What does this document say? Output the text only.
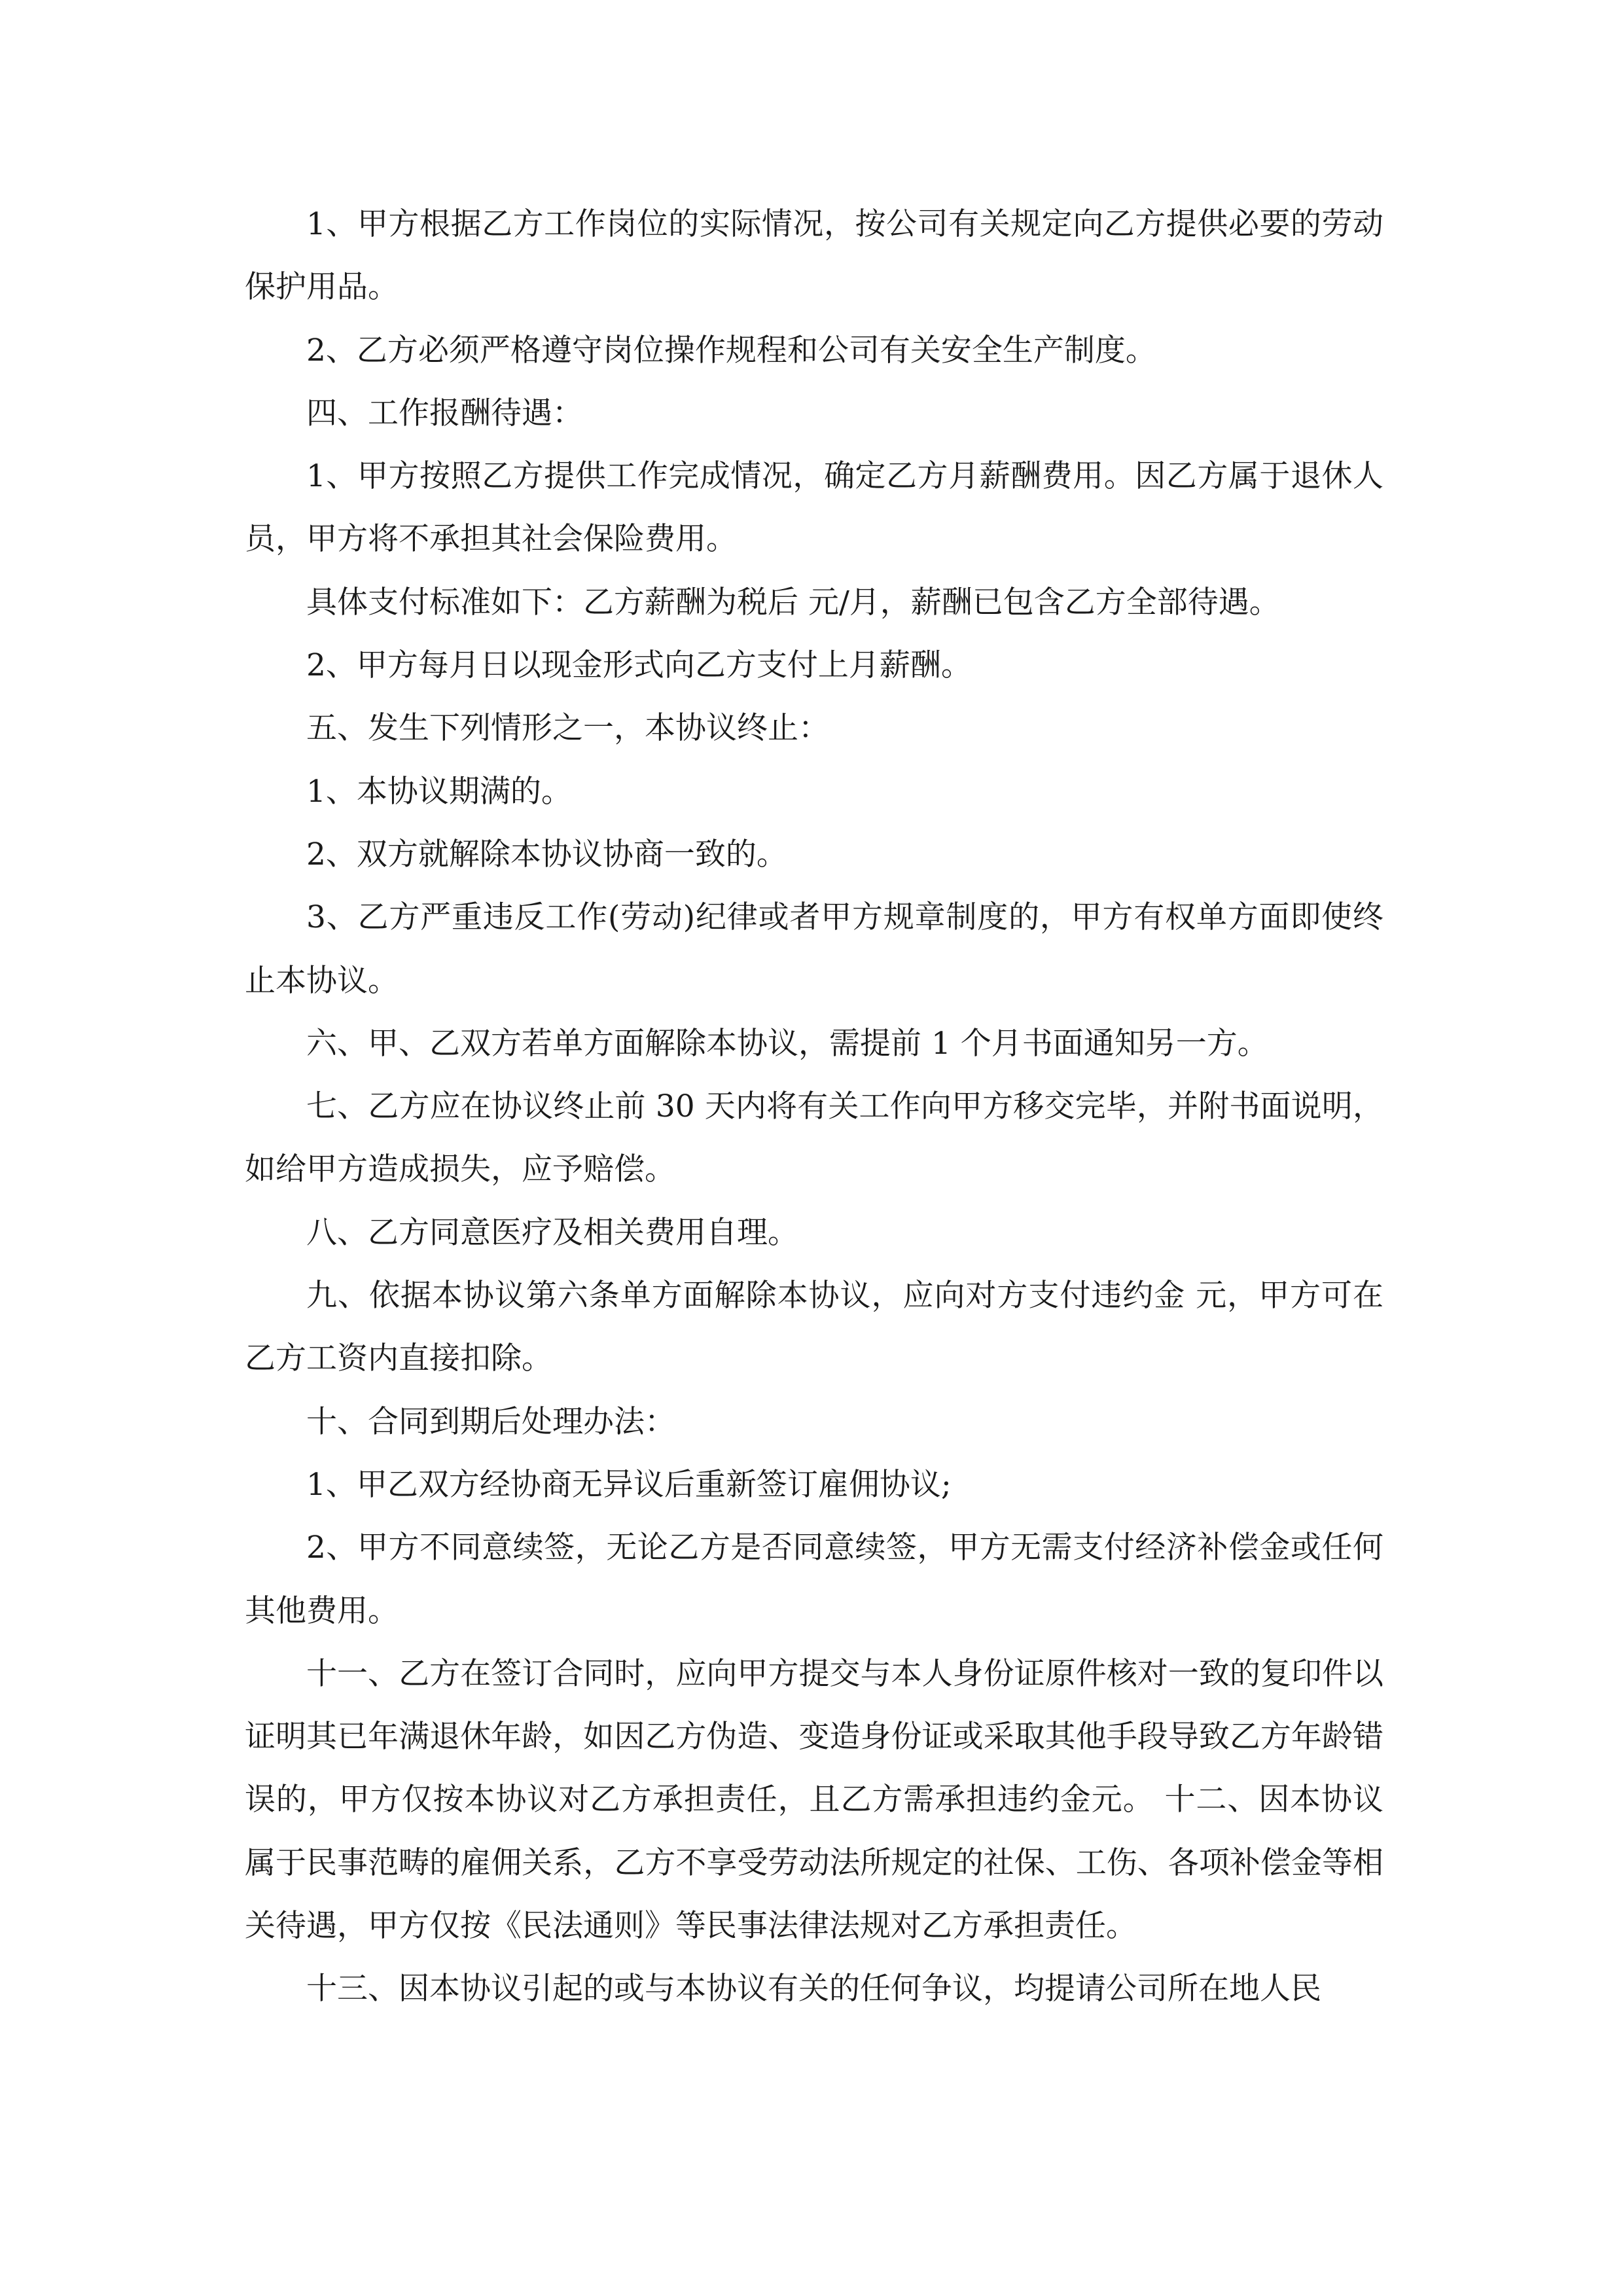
1、甲方根据乙方工作岗位的实际情况，按公司有关规定向乙方提供必要的劳动保护用品。

2、乙方必须严格遵守岗位操作规程和公司有关安全生产制度。

四、工作报酬待遇：

1、甲方按照乙方提供工作完成情况，确定乙方月薪酬费用。因乙方属于退休人员，甲方将不承担其社会保险费用。

具体支付标准如下：乙方薪酬为税后 元/月，薪酬已包含乙方全部待遇。

2、甲方每月日以现金形式向乙方支付上月薪酬。

五、发生下列情形之一，本协议终止：

1、本协议期满的。

2、双方就解除本协议协商一致的。

3、乙方严重违反工作(劳动)纪律或者甲方规章制度的，甲方有权单方面即使终止本协议。

六、甲、乙双方若单方面解除本协议，需提前 1 个月书面通知另一方。

七、乙方应在协议终止前 30 天内将有关工作向甲方移交完毕，并附书面说明，如给甲方造成损失，应予赔偿。

八、乙方同意医疗及相关费用自理。

九、依据本协议第六条单方面解除本协议，应向对方支付违约金 元，甲方可在乙方工资内直接扣除。

十、合同到期后处理办法：

1、甲乙双方经协商无异议后重新签订雇佣协议;

2、甲方不同意续签，无论乙方是否同意续签，甲方无需支付经济补偿金或任何其他费用。

十一、乙方在签订合同时，应向甲方提交与本人身份证原件核对一致的复印件以证明其已年满退休年龄，如因乙方伪造、变造身份证或采取其他手段导致乙方年龄错误的，甲方仅按本协议对乙方承担责任，且乙方需承担违约金元。 十二、因本协议属于民事范畴的雇佣关系，乙方不享受劳动法所规定的社保、工伤、各项补偿金等相关待遇，甲方仅按《民法通则》等民事法律法规对乙方承担责任。

十三、因本协议引起的或与本协议有关的任何争议，均提请公司所在地人民
